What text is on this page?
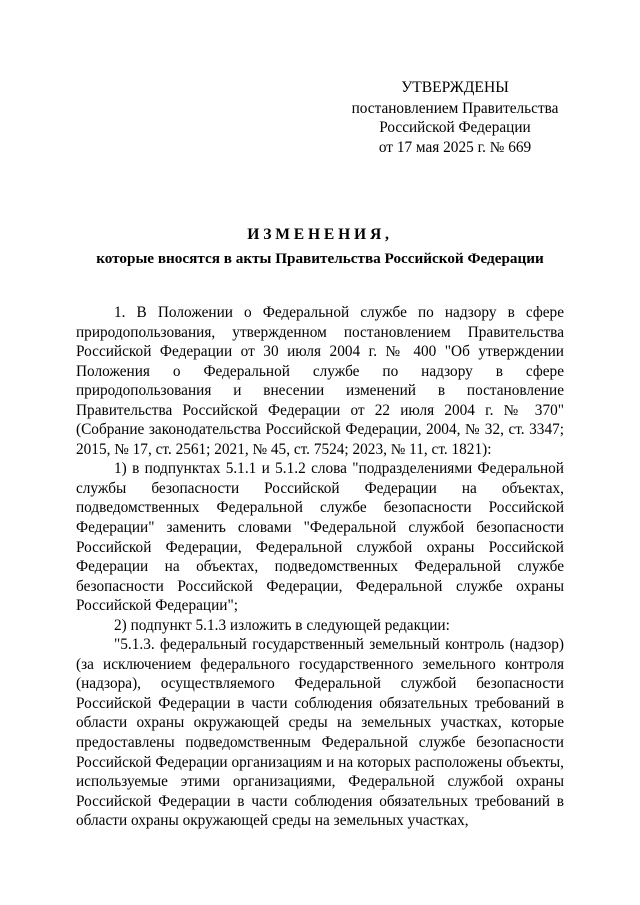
УТВЕРЖДЕНЫ
постановлением Правительства
Российской Федерации
от 17 мая 2025 г. № 669
ИЗМЕНЕНИЯ,
которые вносятся в акты Правительства Российской Федерации

1. В Положении о Федеральной службе по надзору в сфере природопользования, утвержденном постановлением Правительства Российской Федерации от 30 июля 2004 г. № 400 "Об утверждении Положения о Федеральной службе по надзору в сфере природопользования и внесении изменений в постановление Правительства Российской Федерации от 22 июля 2004 г. № 370" (Собрание законодательства Российской Федерации, 2004, № 32, ст. 3347; 2015, № 17, ст. 2561; 2021, № 45, ст. 7524; 2023, № 11, ст. 1821):

1) в подпунктах 5.1.1 и 5.1.2 слова "подразделениями Федеральной службы безопасности Российской Федерации на объектах, подведомственных Федеральной службе безопасности Российской Федерации" заменить словами "Федеральной службой безопасности Российской Федерации, Федеральной службой охраны Российской Федерации на объектах, подведомственных Федеральной службе безопасности Российской Федерации, Федеральной службе охраны Российской Федерации";

2) подпункт 5.1.3 изложить в следующей редакции:

"5.1.3. федеральный государственный земельный контроль (надзор) (за исключением федерального государственного земельного контроля (надзора), осуществляемого Федеральной службой безопасности Российской Федерации в части соблюдения обязательных требований в области охраны окружающей среды на земельных участках, которые предоставлены подведомственным Федеральной службе безопасности Российской Федерации организациям и на которых расположены объекты, используемые этими организациями, Федеральной службой охраны Российской Федерации в части соблюдения обязательных требований в области охраны окружающей среды на земельных участках,
